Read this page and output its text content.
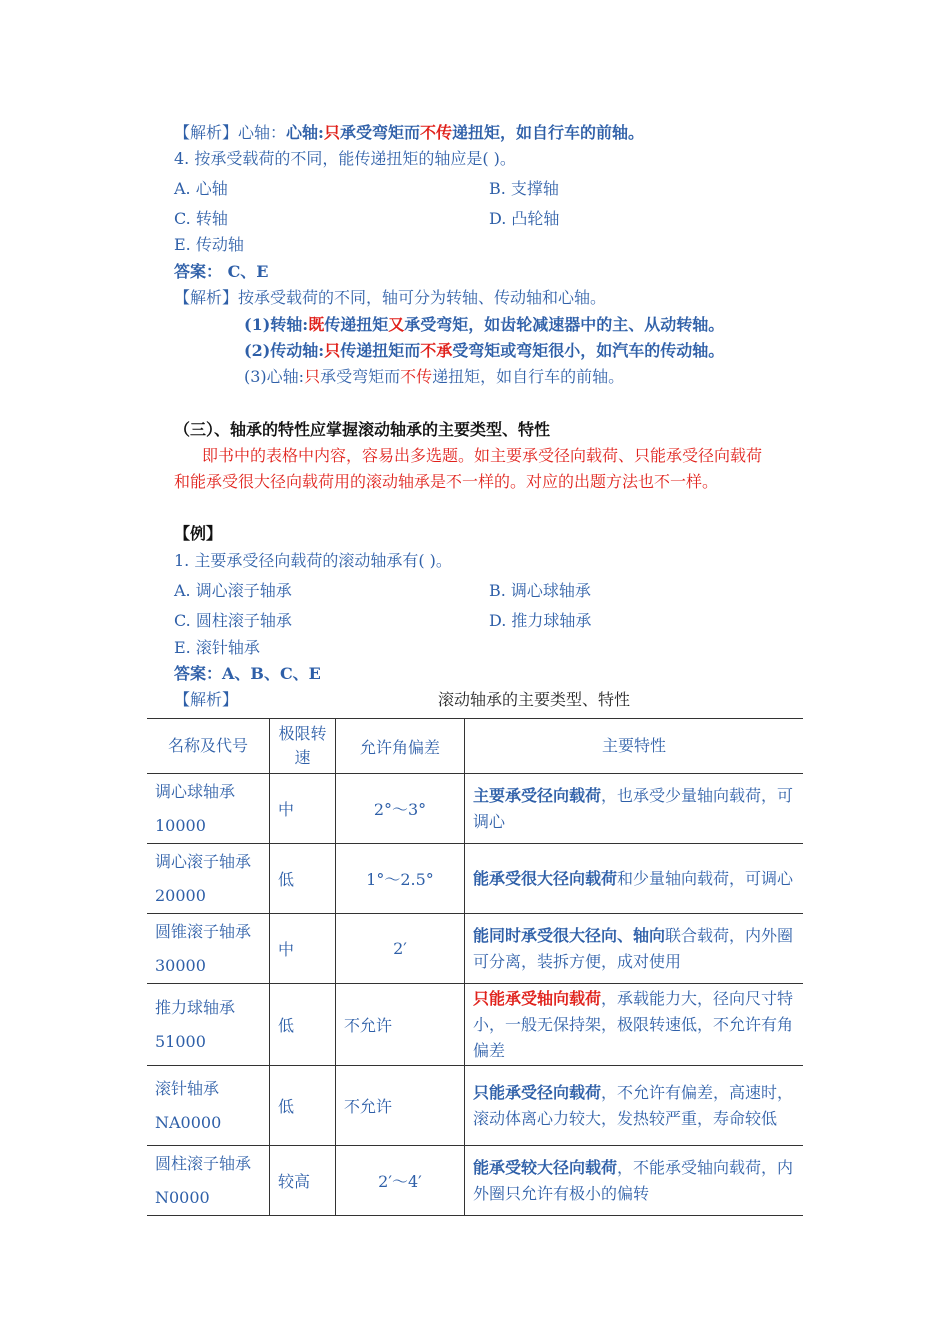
【解析】心轴：心轴:只承受弯矩而不传递扭矩，如自行车的前轴。
4. 按承受载荷的不同，能传递扭矩的轴应是( )。
A. 心轴	B. 支撑轴
C. 转轴	D. 凸轮轴
E. 传动轴
答案： C、E
【解析】按承受载荷的不同，轴可分为转轴、传动轴和心轴。
(1)转轴:既传递扭矩又承受弯矩，如齿轮减速器中的主、从动转轴。
(2)传动轴:只传递扭矩而不承受弯矩或弯矩很小，如汽车的传动轴。
(3)心轴:只承受弯矩而不传递扭矩，如自行车的前轴。
（三）、轴承的特性应掌握滚动轴承的主要类型、特性
即书中的表格中内容，容易出多选题。如主要承受径向载荷、只能承受径向载荷和能承受很大径向载荷用的滚动轴承是不一样的。对应的出题方法也不一样。
【例】
1. 主要承受径向载荷的滚动轴承有( )。
A. 调心滚子轴承	B. 调心球轴承
C. 圆柱滚子轴承	D. 推力球轴承
E. 滚针轴承
答案：A、B、C、E
【解析】	滚动轴承的主要类型、特性
名称及代号	极限转速	允许角偏差	主要特性

调心球轴承
10000	中	2°～3°	主要承受径向载荷，也承受少量轴向载荷，可调心

调心滚子轴承
20000	低	1°～2.5°	能承受很大径向载荷和少量轴向载荷，可调心

圆锥滚子轴承
30000	中	2′	能同时承受很大径向、轴向联合载荷，内外圈可分离，装拆方便，成对使用

推力球轴承
51000	低	不允许	只能承受轴向载荷，承载能力大，径向尺寸特小，一般无保持架，极限转速低，不允许有角偏差

滚针轴承
NA0000	低	不允许	只能承受径向载荷，不允许有偏差，高速时，滚动体离心力较大，发热较严重，寿命较低

圆柱滚子轴承
N0000	较高	2′～4′	能承受较大径向载荷，不能承受轴向载荷，内外圈只允许有极小的偏转
